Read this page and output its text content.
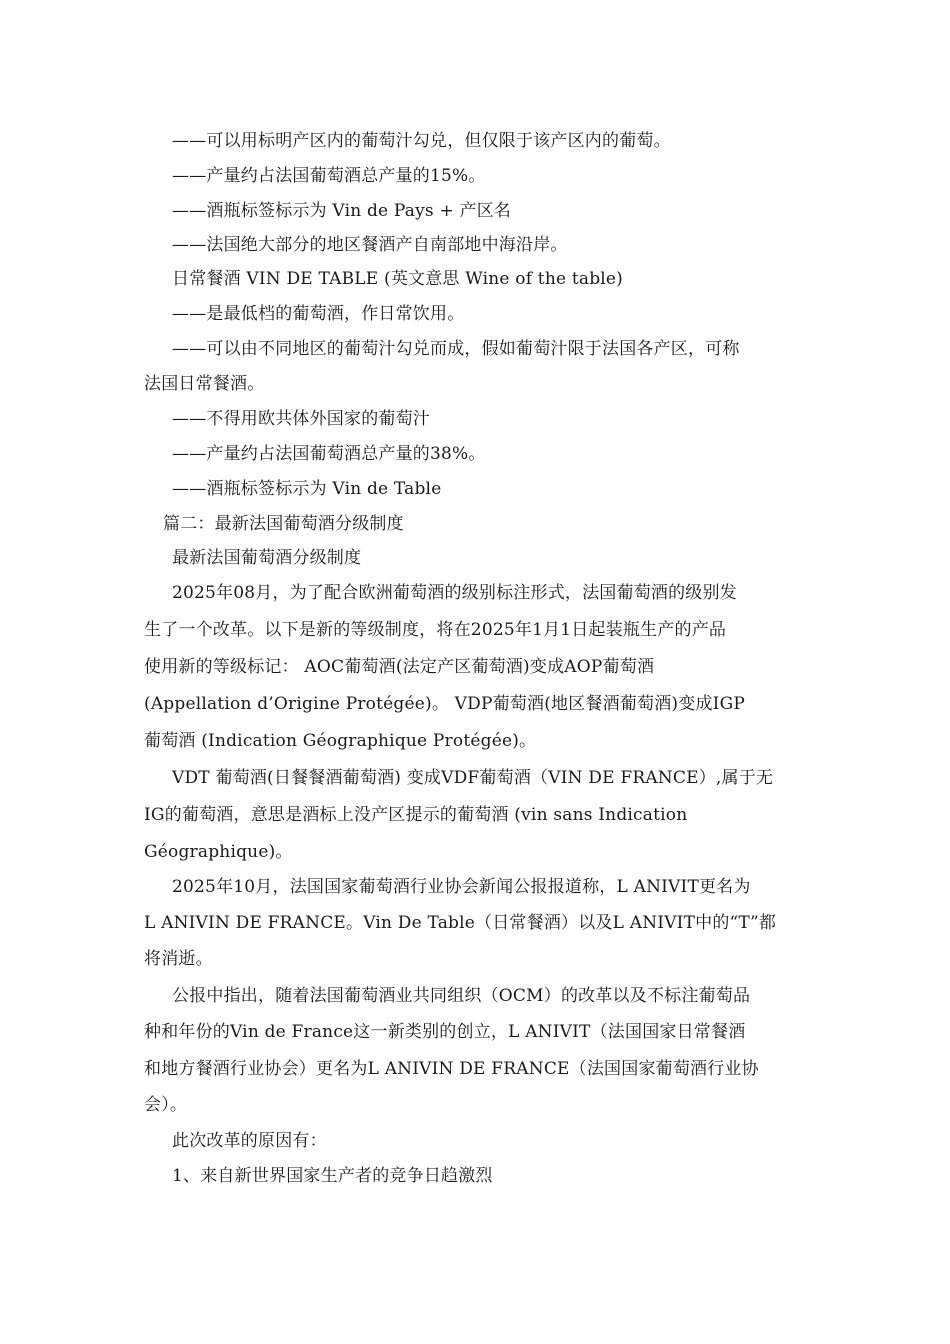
——可以用标明产区内的葡萄汁勾兑，但仅限于该产区内的葡萄。
——产量约占法国葡萄酒总产量的15%。
——酒瓶标签标示为 Vin de Pays + 产区名
——法国绝大部分的地区餐酒产自南部地中海沿岸。
日常餐酒 VIN DE TABLE (英文意思 Wine of the table)
——是最低档的葡萄酒，作日常饮用。
——可以由不同地区的葡萄汁勾兑而成，假如葡萄汁限于法国各产区，可称
法国日常餐酒。
——不得用欧共体外国家的葡萄汁
——产量约占法国葡萄酒总产量的38%。
——酒瓶标签标示为 Vin de Table
篇二：最新法国葡萄酒分级制度
最新法国葡萄酒分级制度
2025年08月，为了配合欧洲葡萄酒的级别标注形式，法国葡萄酒的级别发
生了一个改革。以下是新的等级制度，将在2025年1月1日起装瓶生产的产品
使用新的等级标记： AOC葡萄酒(法定产区葡萄酒)变成AOP葡萄酒
(Appellation d’Origine Protégée)。 VDP葡萄酒(地区餐酒葡萄酒)变成IGP
葡萄酒 (Indication Géographique Protégée)。
VDT 葡萄酒(日餐餐酒葡萄酒) 变成VDF葡萄酒（VIN DE FRANCE）,属于无
IG的葡萄酒，意思是酒标上没产区提示的葡萄酒 (vin sans Indication
Géographique)。
2025年10月，法国国家葡萄酒行业协会新闻公报报道称，L ANIVIT更名为
L ANIVIN DE FRANCE。Vin De Table（日常餐酒）以及L ANIVIT中的“T”都
将消逝。
公报中指出，随着法国葡萄酒业共同组织（OCM）的改革以及不标注葡萄品
种和年份的Vin de France这一新类别的创立，L ANIVIT（法国国家日常餐酒
和地方餐酒行业协会）更名为L ANIVIN DE FRANCE（法国国家葡萄酒行业协
会）。
此次改革的原因有：
1、来自新世界国家生产者的竞争日趋激烈
